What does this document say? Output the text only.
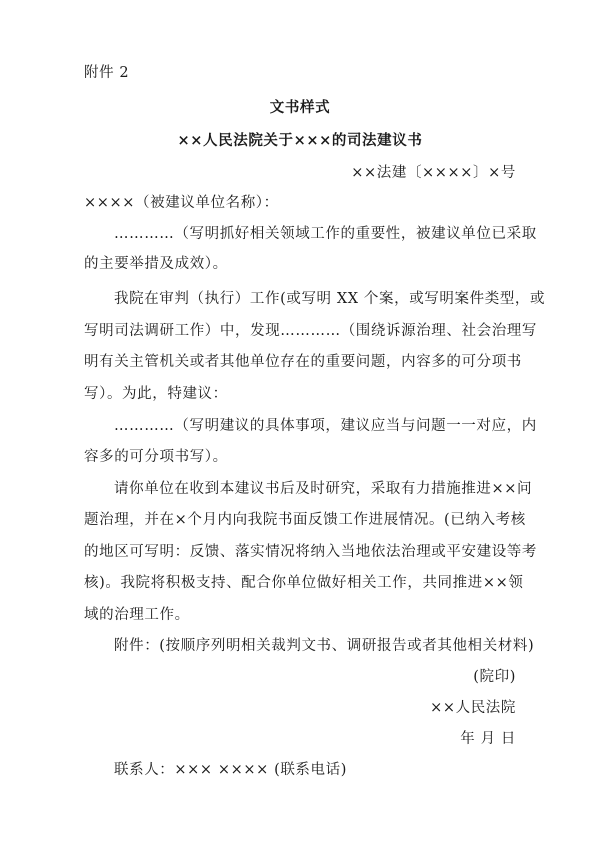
附件 2
文书样式
××人民法院关于×××的司法建议书
××法建〔××××〕×号
××××（被建议单位名称）：
…………（写明抓好相关领域工作的重要性，被建议单位已采取
的主要举措及成效）。
我院在审判（执行）工作(或写明 XX 个案，或写明案件类型，或
写明司法调研工作）中，发现…………（围绕诉源治理、社会治理写
明有关主管机关或者其他单位存在的重要问题，内容多的可分项书
写）。为此，特建议：
…………（写明建议的具体事项，建议应当与问题一一对应，内
容多的可分项书写）。
请你单位在收到本建议书后及时研究，采取有力措施推进××问
题治理，并在×个月内向我院书面反馈工作进展情况。(已纳入考核
的地区可写明：反馈、落实情况将纳入当地依法治理或平安建设等考
核)。我院将积极支持、配合你单位做好相关工作，共同推进××领
域的治理工作。
附件：(按顺序列明相关裁判文书、调研报告或者其他相关材料)
(院印)
××人民法院
年 月 日
联系人：××× ×××× (联系电话)
